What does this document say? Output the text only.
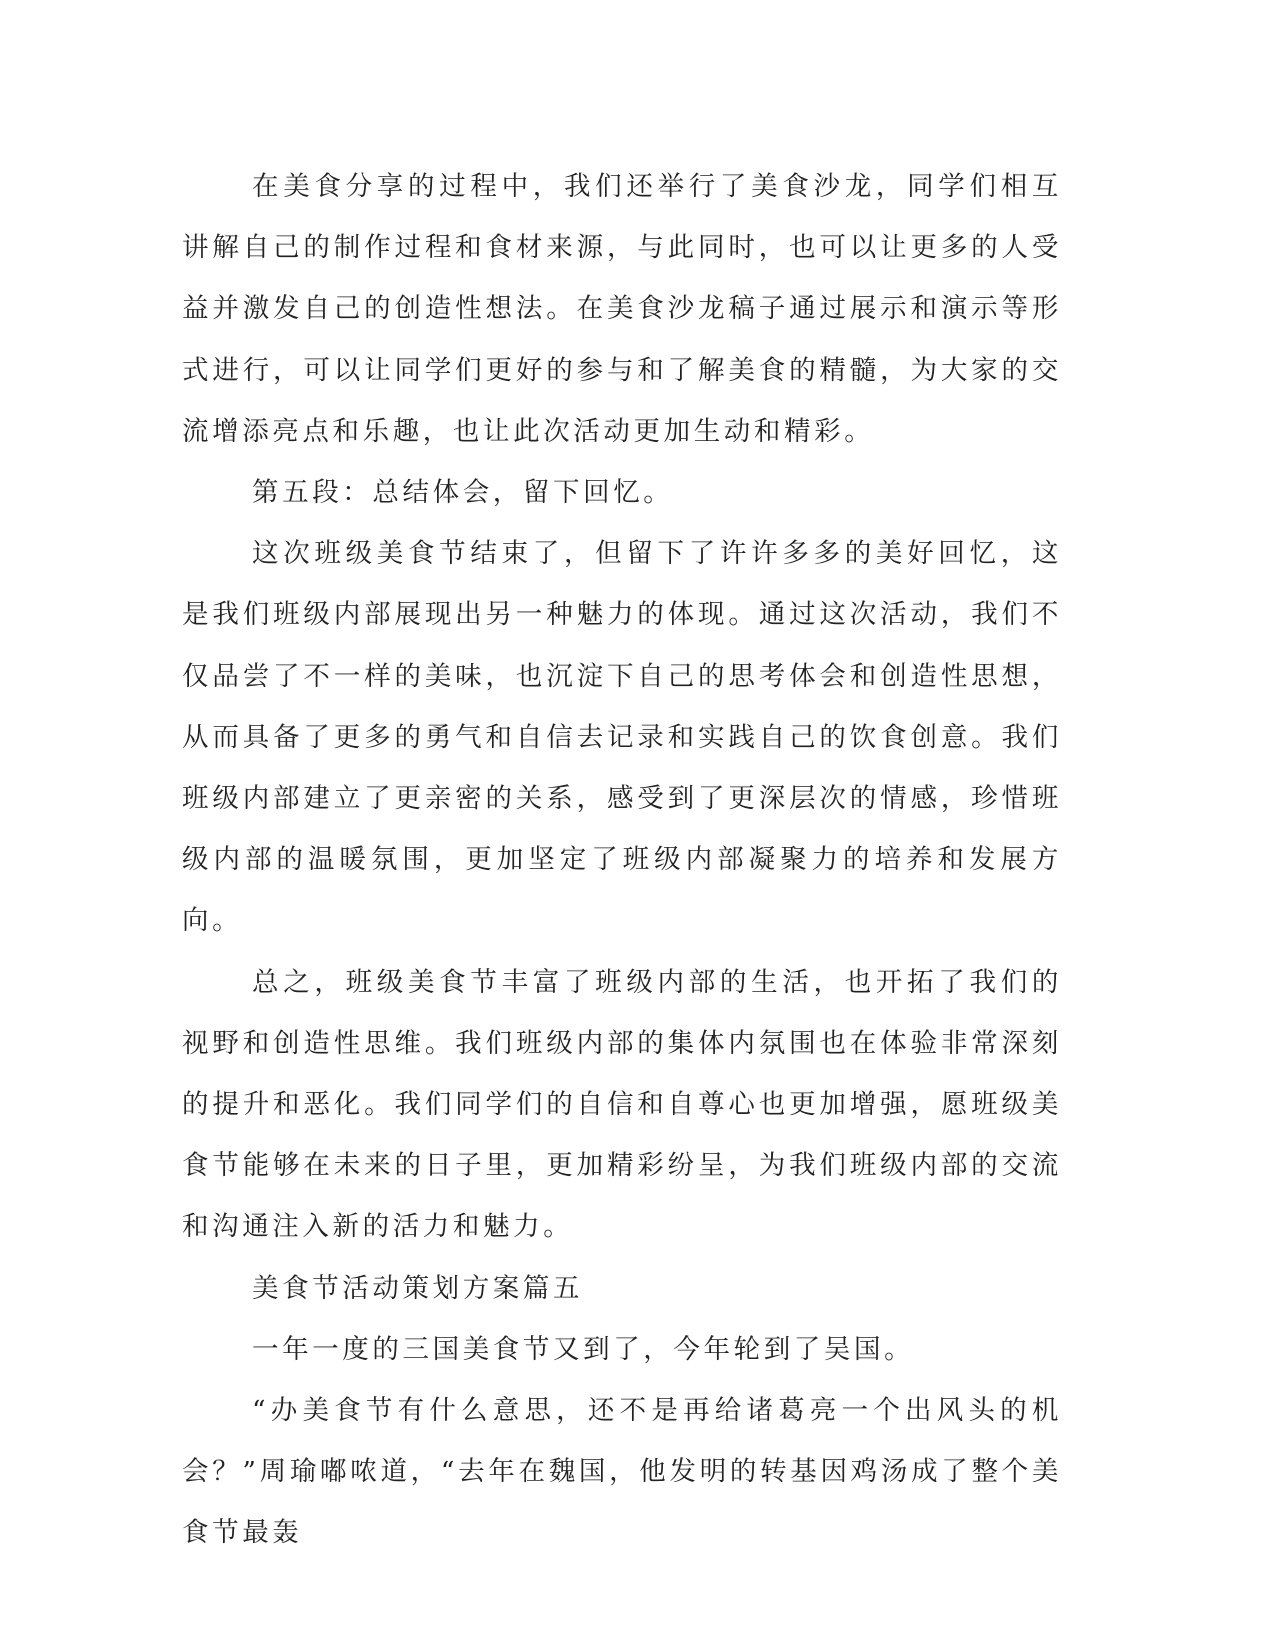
在美食分享的过程中，我们还举行了美食沙龙，同学们相互讲解自己的制作过程和食材来源，与此同时，也可以让更多的人受益并激发自己的创造性想法。在美食沙龙稿子通过展示和演示等形式进行，可以让同学们更好的参与和了解美食的精髓，为大家的交流增添亮点和乐趣，也让此次活动更加生动和精彩。

第五段：总结体会，留下回忆。

这次班级美食节结束了，但留下了许许多多的美好回忆，这是我们班级内部展现出另一种魅力的体现。通过这次活动，我们不仅品尝了不一样的美味，也沉淀下自己的思考体会和创造性思想，从而具备了更多的勇气和自信去记录和实践自己的饮食创意。我们班级内部建立了更亲密的关系，感受到了更深层次的情感，珍惜班级内部的温暖氛围，更加坚定了班级内部凝聚力的培养和发展方向。

总之，班级美食节丰富了班级内部的生活，也开拓了我们的视野和创造性思维。我们班级内部的集体内氛围也在体验非常深刻的提升和恶化。我们同学们的自信和自尊心也更加增强，愿班级美食节能够在未来的日子里，更加精彩纷呈，为我们班级内部的交流和沟通注入新的活力和魅力。

美食节活动策划方案篇五

一年一度的三国美食节又到了，今年轮到了吴国。

“办美食节有什么意思，还不是再给诸葛亮一个出风头的机会？”周瑜嘟哝道，“去年在魏国，他发明的转基因鸡汤成了整个美食节最轰
